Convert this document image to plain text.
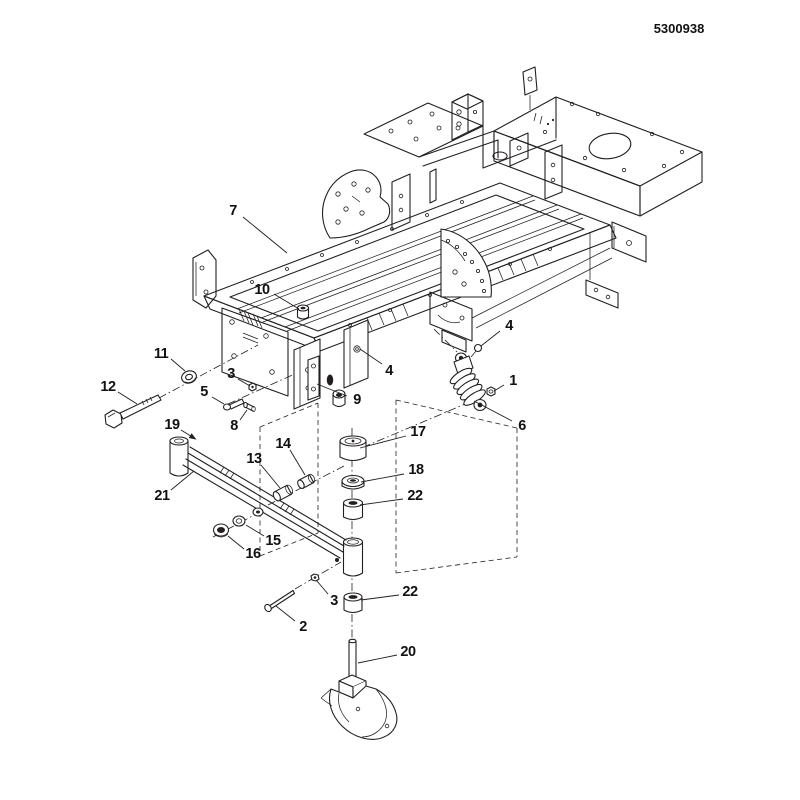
5300938
7
10
11
12
3
5
8
9
4
4
1
6
17
18
22
19
21
13
14
15
16
3
2
22
20
